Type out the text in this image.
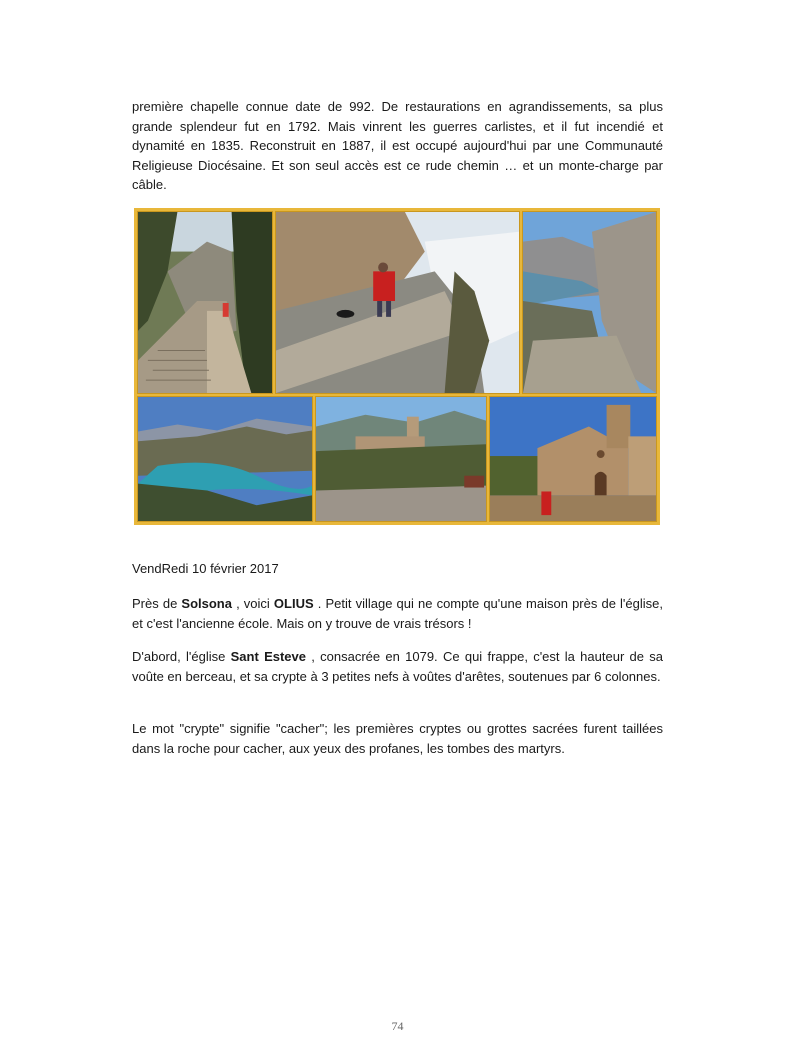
première chapelle connue date de 992. De restaurations en agrandissements, sa plus grande splendeur fut en 1792. Mais vinrent les guerres carlistes, et il fut incendié et dynamité en 1835. Reconstruit en 1887, il est occupé aujourd'hui par une Communauté Religieuse Diocésaine. Et son seul accès est ce rude chemin … et un monte-charge par câble.

VendRedi 10 février 2017

Près de Solsona , voici OLIUS . Petit village qui ne compte qu'une maison près de l'église, et c'est l'ancienne école. Mais on y trouve de vrais trésors !

D'abord, l'église Sant Esteve , consacrée en 1079. Ce qui frappe, c'est la hauteur de sa voûte en berceau, et sa crypte à 3 petites nefs à voûtes d'arêtes, soutenues par 6 colonnes.

Le mot "crypte" signifie "cacher"; les premières cryptes ou grottes sacrées furent taillées dans la roche pour cacher, aux yeux des profanes, les tombes des martyrs.

74
